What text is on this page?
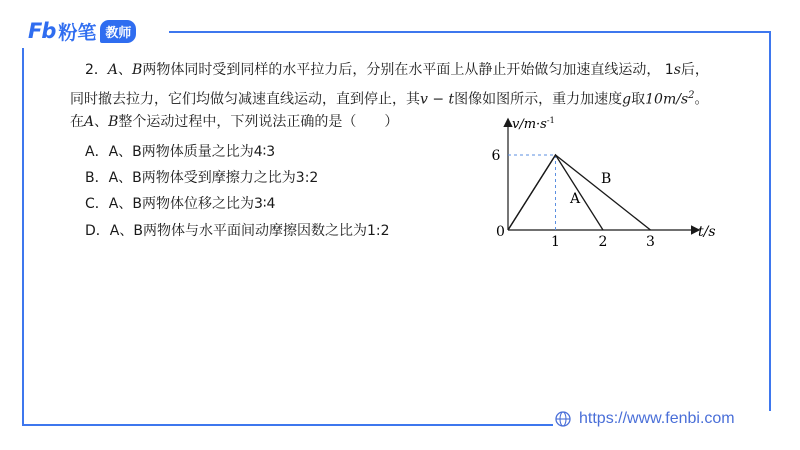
Fb 粉笔 教师
2．A、B两物体同时受到同样的水平拉力后，分别在水平面上从静止开始做匀加速直线运动， 1s后，
同时撤去拉力，它们均做匀减速直线运动，直到停止，其v − t图像如图所示，重力加速度g取$10m/s^2$。
在A、B整个运动过程中，下列说法正确的是（　　）
A．A、B两物体质量之比为4∶3
B．A、B两物体受到摩擦力之比为3:2
C．A、B两物体位移之比为3∶4
D．A、B两物体与水平面间动摩擦因数之比为1:2
1	2	3
6
$v/m\cdot s^{-1}$
t/s
0
A
B
https://www.fenbi.com
